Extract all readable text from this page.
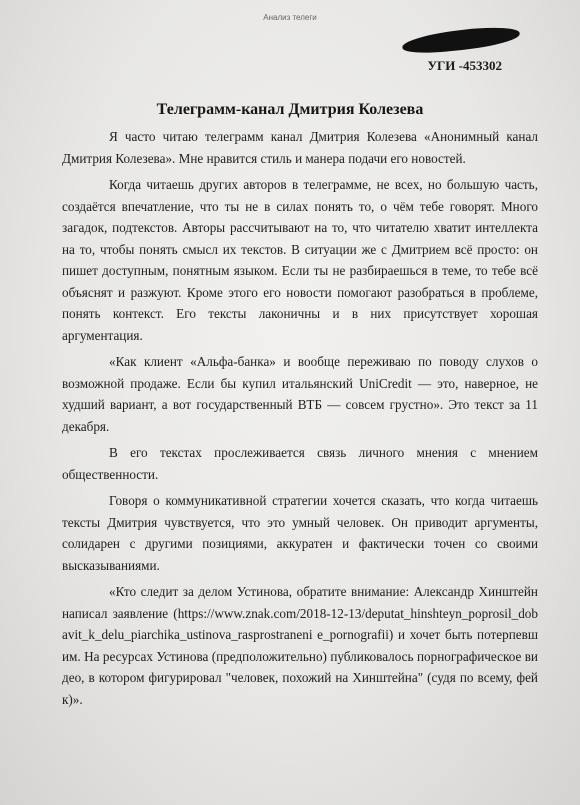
Анализ телеги
УГИ -453302
Телеграмм-канал Дмитрия Колезева

Я часто читаю телеграмм канал Дмитрия Колезева «Анонимный канал Дмитрия Колезева». Мне нравится стиль и манера подачи его новостей.

Когда читаешь других авторов в телеграмме, не всех, но большую часть, создаётся впечатление, что ты не в силах понять то, о чём тебе говорят. Много загадок, подтекстов. Авторы рассчитывают на то, что читателю хватит интеллекта на то, чтобы понять смысл их текстов. В ситуации же с Дмитрием всё просто: он пишет доступным, понятным языком. Если ты не разбираешься в теме, то тебе всё объяснят и разжуют. Кроме этого его новости помогают разобраться в проблеме, понять контекст. Его тексты лаконичны и в них присутствует хорошая аргументация.

«Как клиент «Альфа-банка» и вообще переживаю по поводу слухов о возможной продаже. Если бы купил итальянский UniCredit — это, наверное, не худший вариант, а вот государственный ВТБ — совсем грустно». Это текст за 11 декабря.

В его текстах прослеживается связь личного мнения с мнением общественности.

Говоря о коммуникативной стратегии хочется сказать, что когда читаешь тексты Дмитрия чувствуется, что это умный человек. Он приводит аргументы, солидарен с другими позициями, аккуратен и фактически точен со своими высказываниями.

«Кто следит за делом Устинова, обратите внимание: Александр Хинштейн написал заявление (https://www.znak.com/2018-12-13/deputat_hinshteyn_poprosil_dobavit_k_delu_piarchika_ustinova_rasprostraneni e_pornografii) и хочет быть потерпевшим. На ресурсах Устинова (предположительно) публиковалось порнографическое видео, в котором фигурировал "человек, похожий на Хинштейна" (судя по всему, фейк)».
